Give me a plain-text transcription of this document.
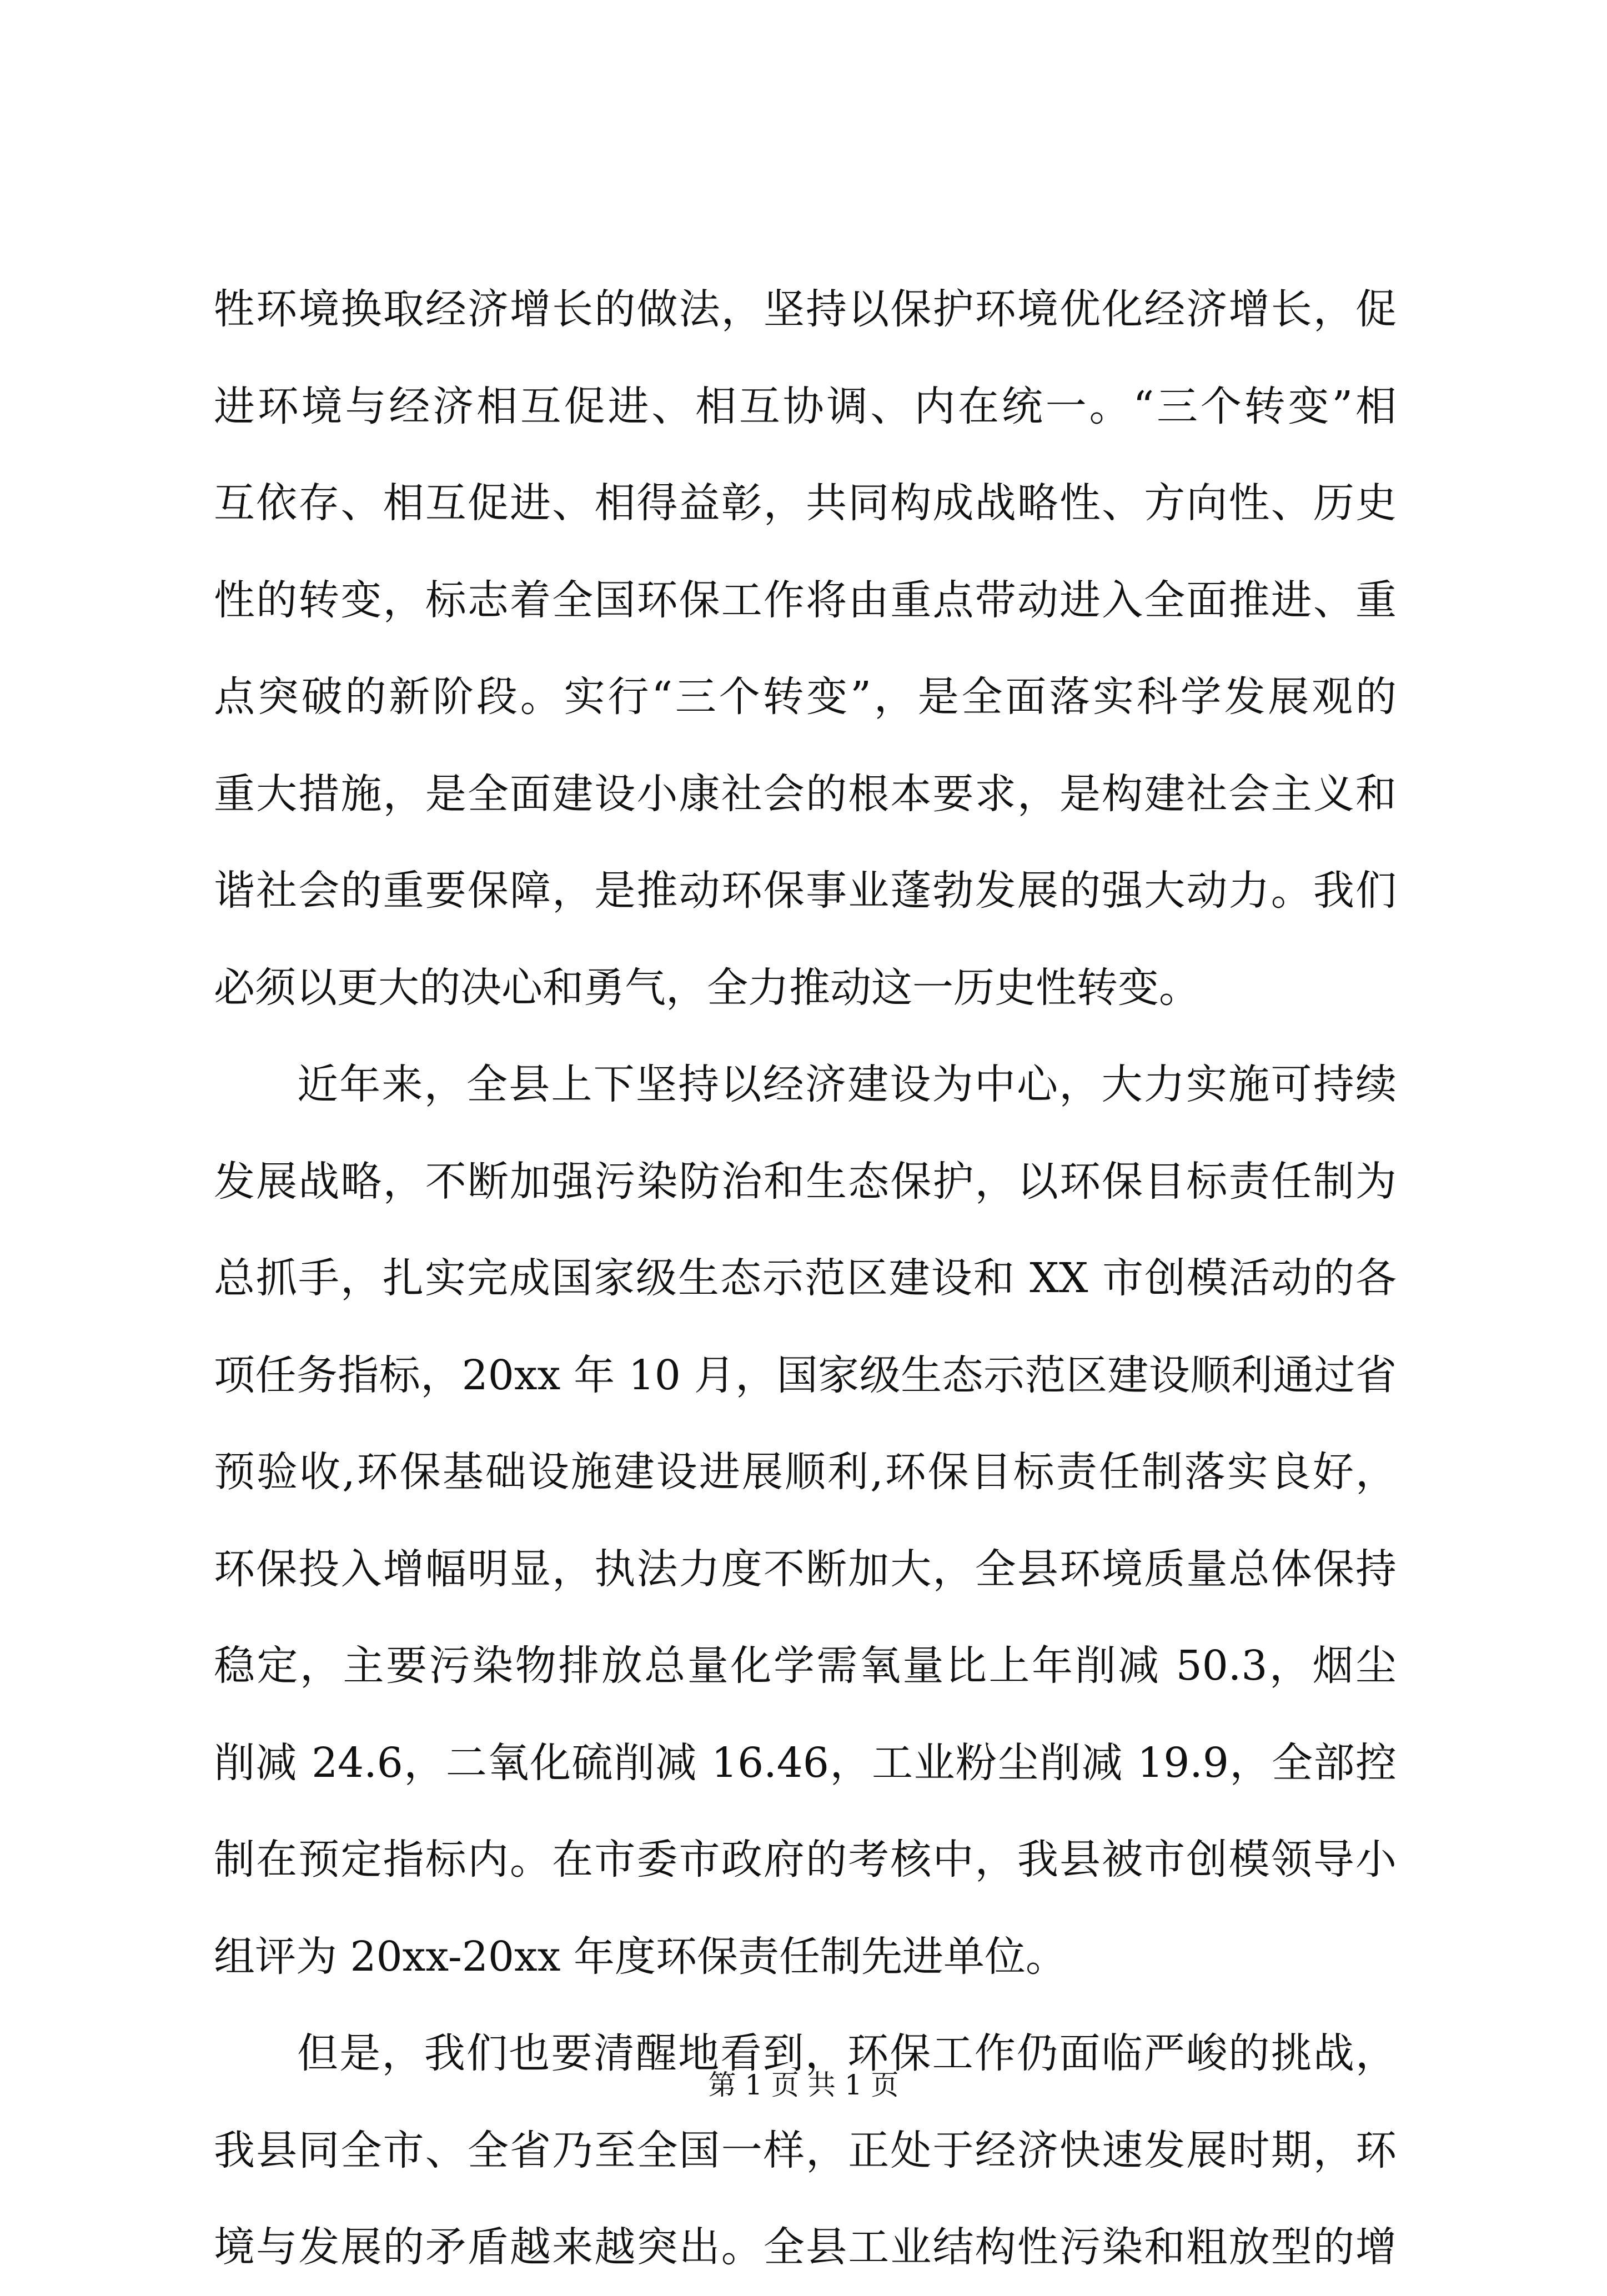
牲环境换取经济增长的做法，坚持以保护环境优化经济增长，促
进环境与经济相互促进、相互协调、内在统一。“三个转变”相
互依存、相互促进、相得益彰，共同构成战略性、方向性、历史
性的转变，标志着全国环保工作将由重点带动进入全面推进、重
点突破的新阶段。实行“三个转变”，是全面落实科学发展观的
重大措施，是全面建设小康社会的根本要求，是构建社会主义和
谐社会的重要保障，是推动环保事业蓬勃发展的强大动力。我们
必须以更大的决心和勇气，全力推动这一历史性转变。
近年来，全县上下坚持以经济建设为中心，大力实施可持续
发展战略，不断加强污染防治和生态保护，以环保目标责任制为
总抓手，扎实完成国家级生态示范区建设和 XX 市创模活动的各
项任务指标，20xx 年 10 月，国家级生态示范区建设顺利通过省
预验收,环保基础设施建设进展顺利,环保目标责任制落实良好，
环保投入增幅明显，执法力度不断加大，全县环境质量总体保持
稳定，主要污染物排放总量化学需氧量比上年削减 50.3，烟尘
削减 24.6，二氧化硫削减 16.46，工业粉尘削减 19.9，全部控
制在预定指标内。在市委市政府的考核中，我县被市创模领导小
组评为 20xx-20xx 年度环保责任制先进单位。
但是，我们也要清醒地看到，环保工作仍面临严峻的挑战，
我县同全市、全省乃至全国一样，正处于经济快速发展时期，环
境与发展的矛盾越来越突出。全县工业结构性污染和粗放型的增
第 1 页 共 1 页
